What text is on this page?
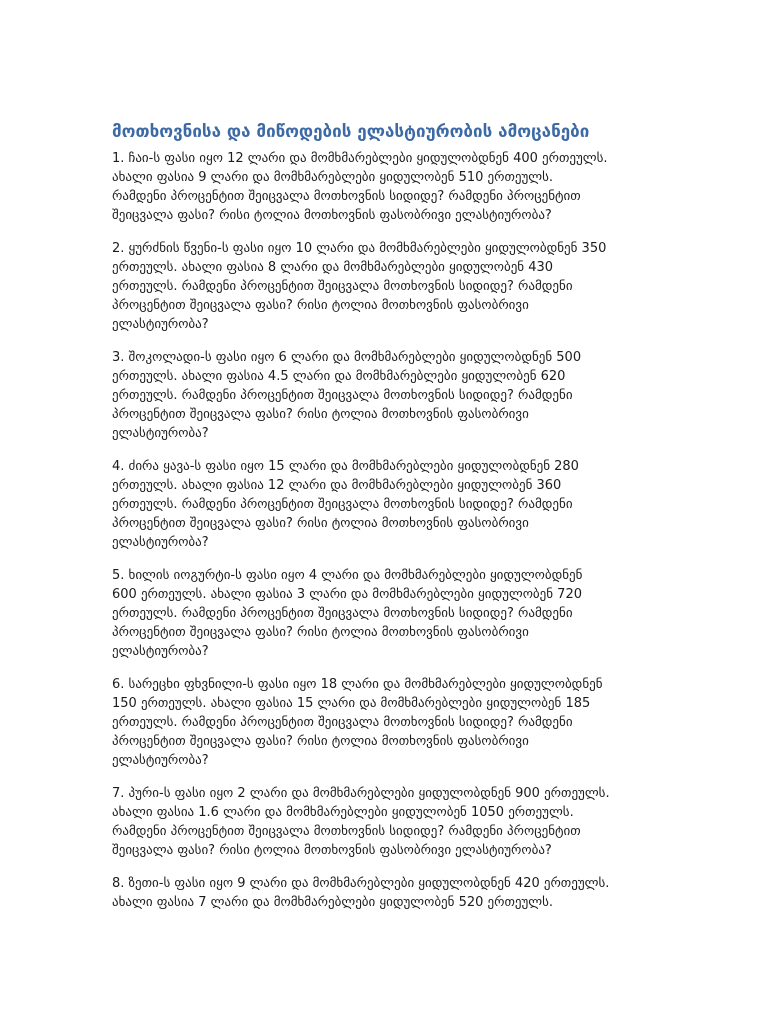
მოთხოვნისა და მიწოდების ელასტიურობის ამოცანები
1. ჩაი-ს ფასი იყო 12 ლარი და მომხმარებლები ყიდულობდნენ 400 ერთეულს.
ახალი ფასია 9 ლარი და მომხმარებლები ყიდულობენ 510 ერთეულს.
რამდენი პროცენტით შეიცვალა მოთხოვნის სიდიდე? რამდენი პროცენტით
შეიცვალა ფასი? რისი ტოლია მოთხოვნის ფასობრივი ელასტიურობა?
2. ყურძნის წვენი-ს ფასი იყო 10 ლარი და მომხმარებლები ყიდულობდნენ 350
ერთეულს. ახალი ფასია 8 ლარი და მომხმარებლები ყიდულობენ 430
ერთეულს. რამდენი პროცენტით შეიცვალა მოთხოვნის სიდიდე? რამდენი
პროცენტით შეიცვალა ფასი? რისი ტოლია მოთხოვნის ფასობრივი
ელასტიურობა?
3. შოკოლადი-ს ფასი იყო 6 ლარი და მომხმარებლები ყიდულობდნენ 500
ერთეულს. ახალი ფასია 4.5 ლარი და მომხმარებლები ყიდულობენ 620
ერთეულს. რამდენი პროცენტით შეიცვალა მოთხოვნის სიდიდე? რამდენი
პროცენტით შეიცვალა ფასი? რისი ტოლია მოთხოვნის ფასობრივი
ელასტიურობა?
4. ძირა ყავა-ს ფასი იყო 15 ლარი და მომხმარებლები ყიდულობდნენ 280
ერთეულს. ახალი ფასია 12 ლარი და მომხმარებლები ყიდულობენ 360
ერთეულს. რამდენი პროცენტით შეიცვალა მოთხოვნის სიდიდე? რამდენი
პროცენტით შეიცვალა ფასი? რისი ტოლია მოთხოვნის ფასობრივი
ელასტიურობა?
5. ხილის იოგურტი-ს ფასი იყო 4 ლარი და მომხმარებლები ყიდულობდნენ
600 ერთეულს. ახალი ფასია 3 ლარი და მომხმარებლები ყიდულობენ 720
ერთეულს. რამდენი პროცენტით შეიცვალა მოთხოვნის სიდიდე? რამდენი
პროცენტით შეიცვალა ფასი? რისი ტოლია მოთხოვნის ფასობრივი
ელასტიურობა?
6. სარეცხი ფხვნილი-ს ფასი იყო 18 ლარი და მომხმარებლები ყიდულობდნენ
150 ერთეულს. ახალი ფასია 15 ლარი და მომხმარებლები ყიდულობენ 185
ერთეულს. რამდენი პროცენტით შეიცვალა მოთხოვნის სიდიდე? რამდენი
პროცენტით შეიცვალა ფასი? რისი ტოლია მოთხოვნის ფასობრივი
ელასტიურობა?
7. პური-ს ფასი იყო 2 ლარი და მომხმარებლები ყიდულობდნენ 900 ერთეულს.
ახალი ფასია 1.6 ლარი და მომხმარებლები ყიდულობენ 1050 ერთეულს.
რამდენი პროცენტით შეიცვალა მოთხოვნის სიდიდე? რამდენი პროცენტით
შეიცვალა ფასი? რისი ტოლია მოთხოვნის ფასობრივი ელასტიურობა?
8. ზეთი-ს ფასი იყო 9 ლარი და მომხმარებლები ყიდულობდნენ 420 ერთეულს.
ახალი ფასია 7 ლარი და მომხმარებლები ყიდულობენ 520 ერთეულს.
